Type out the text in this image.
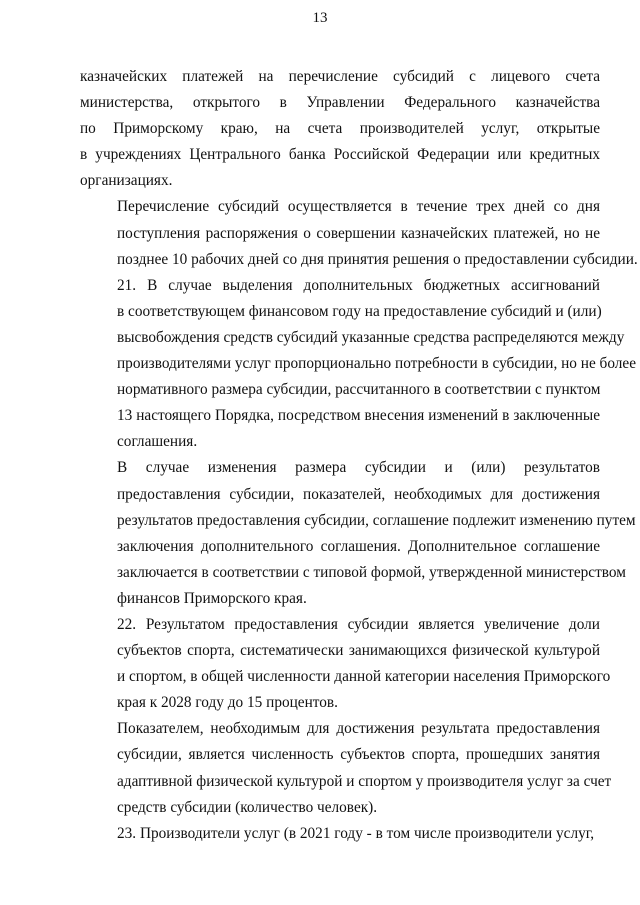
13

казначейских платежей на перечисление субсидий с лицевого счета
министерства, открытого в Управлении Федерального казначейства
по Приморскому краю, на счета производителей услуг, открытые
в учреждениях Центрального банка Российской Федерации или кредитных
организациях.

Перечисление субсидий осуществляется в течение трех дней со дня
поступления распоряжения о совершении казначейских платежей, но не
позднее 10 рабочих дней со дня принятия решения о предоставлении субсидии.

21. В случае выделения дополнительных бюджетных ассигнований
в соответствующем финансовом году на предоставление субсидий и (или)
высвобождения средств субсидий указанные средства распределяются между
производителями услуг пропорционально потребности в субсидии, но не более
нормативного размера субсидии, рассчитанного в соответствии с пунктом
13 настоящего Порядка, посредством внесения изменений в заключенные
соглашения.

В случае изменения размера субсидии и (или) результатов
предоставления субсидии, показателей, необходимых для достижения
результатов предоставления субсидии, соглашение подлежит изменению путем
заключения дополнительного соглашения. Дополнительное соглашение
заключается в соответствии с типовой формой, утвержденной министерством
финансов Приморского края.

22. Результатом предоставления субсидии является увеличение доли
субъектов спорта, систематически занимающихся физической культурой
и спортом, в общей численности данной категории населения Приморского
края к 2028 году до 15 процентов.

Показателем, необходимым для достижения результата предоставления
субсидии, является численность субъектов спорта, прошедших занятия
адаптивной физической культурой и спортом у производителя услуг за счет
средств субсидии (количество человек).

23. Производители услуг (в 2021 году - в том числе производители услуг,
